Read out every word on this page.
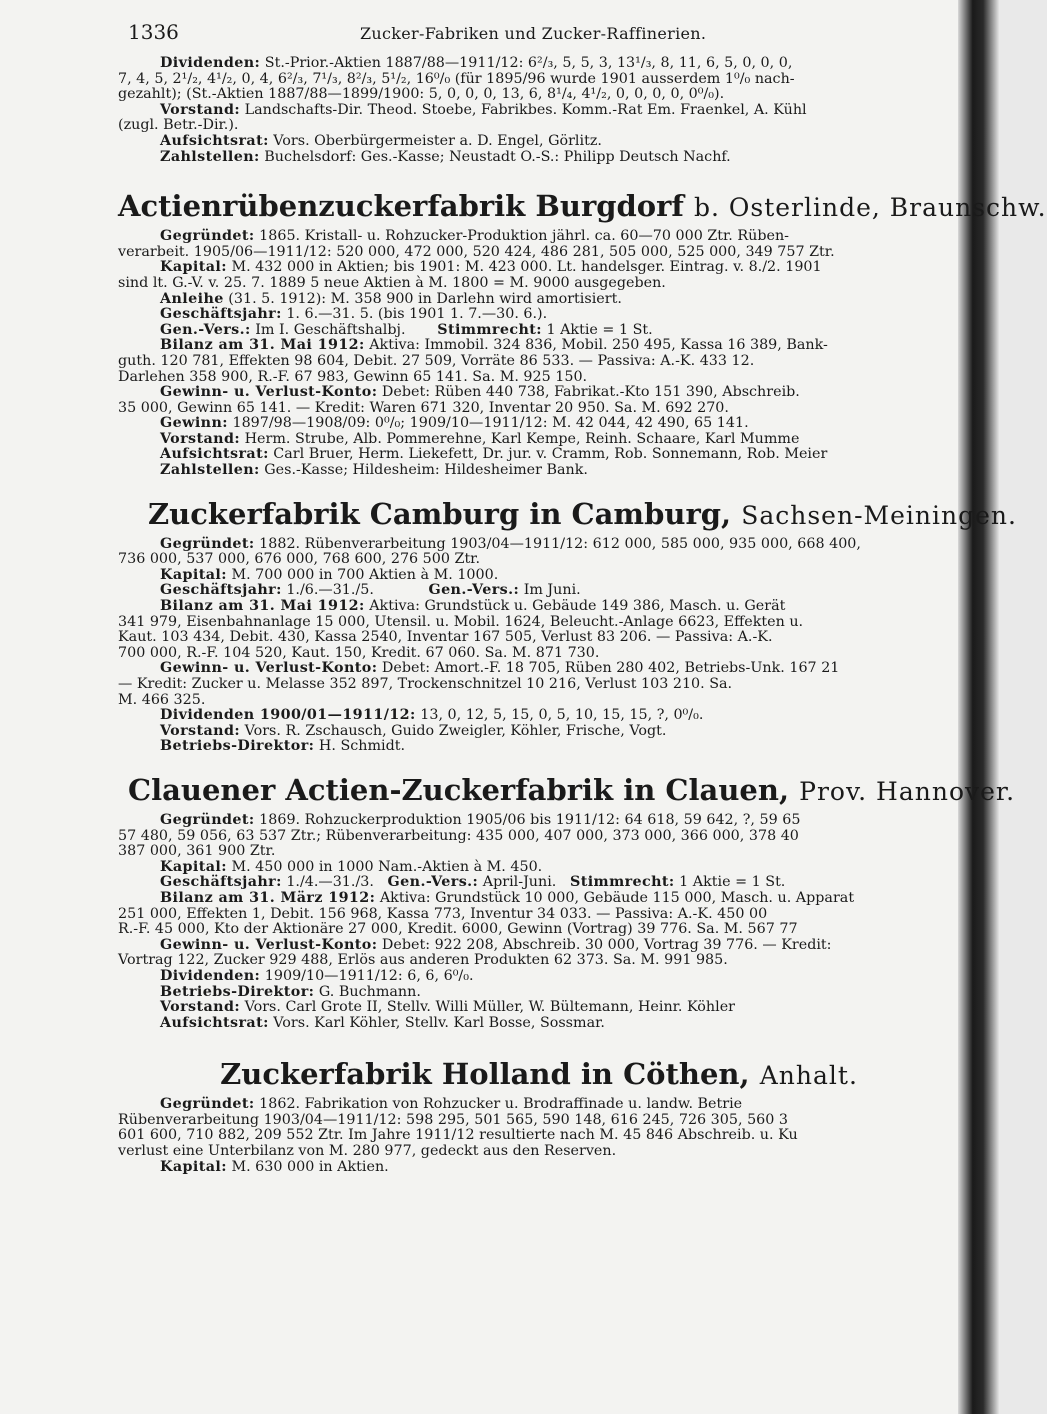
1336	Zucker-Fabriken und Zucker-Raffinerien.

Dividenden: St.-Prior.-Aktien 1887/88—1911/12: 6²/₃, 5, 5, 3, 13¹/₃, 8, 11, 6, 5, 0, 0, 0,

7, 4, 5, 2¹/₂, 4¹/₂, 0, 4, 6²/₃, 7¹/₃, 8²/₃, 5¹/₂, 16⁰/₀ (für 1895/96 wurde 1901 ausserdem 1⁰/₀ nach-

gezahlt); (St.-Aktien 1887/88—1899/1900: 5, 0, 0, 0, 13, 6, 8¹/₄, 4¹/₂, 0, 0, 0, 0, 0⁰/₀).

Vorstand: Landschafts-Dir. Theod. Stoebe, Fabrikbes. Komm.-Rat Em. Fraenkel, A. Kühl

(zugl. Betr.-Dir.).

Aufsichtsrat: Vors. Oberbürgermeister a. D. Engel, Görlitz.

Zahlstellen: Buchelsdorf: Ges.-Kasse; Neustadt O.-S.: Philipp Deutsch Nachf.

Actienrübenzuckerfabrik Burgdorf b. Osterlinde, Braunschw.

Gegründet: 1865. Kristall- u. Rohzucker-Produktion jährl. ca. 60—70 000 Ztr. Rüben-

verarbeit. 1905/06—1911/12: 520 000, 472 000, 520 424, 486 281, 505 000, 525 000, 349 757 Ztr.

Kapital: M. 432 000 in Aktien; bis 1901: M. 423 000. Lt. handelsger. Eintrag. v. 8./2. 1901

sind lt. G.-V. v. 25. 7. 1889 5 neue Aktien à M. 1800 = M. 9000 ausgegeben.

Anleihe (31. 5. 1912): M. 358 900 in Darlehn wird amortisiert.

Geschäftsjahr: 1. 6.—31. 5. (bis 1901 1. 7.—30. 6.).

Gen.-Vers.: Im I. Geschäftshalbj. Stimmrecht: 1 Aktie = 1 St.

Bilanz am 31. Mai 1912: Aktiva: Immobil. 324 836, Mobil. 250 495, Kassa 16 389, Bank-

guth. 120 781, Effekten 98 604, Debit. 27 509, Vorräte 86 533. — Passiva: A.-K. 433 12.

Darlehen 358 900, R.-F. 67 983, Gewinn 65 141. Sa. M. 925 150.

Gewinn- u. Verlust-Konto: Debet: Rüben 440 738, Fabrikat.-Kto 151 390, Abschreib.

35 000, Gewinn 65 141. — Kredit: Waren 671 320, Inventar 20 950. Sa. M. 692 270.

Gewinn: 1897/98—1908/09: 0⁰/₀; 1909/10—1911/12: M. 42 044, 42 490, 65 141.

Vorstand: Herm. Strube, Alb. Pommerehne, Karl Kempe, Reinh. Schaare, Karl Mumme

Aufsichtsrat: Carl Bruer, Herm. Liekefett, Dr. jur. v. Cramm, Rob. Sonnemann, Rob. Meier

Zahlstellen: Ges.-Kasse; Hildesheim: Hildesheimer Bank.

Zuckerfabrik Camburg in Camburg, Sachsen-Meiningen.

Gegründet: 1882. Rübenverarbeitung 1903/04—1911/12: 612 000, 585 000, 935 000, 668 400,

736 000, 537 000, 676 000, 768 600, 276 500 Ztr.

Kapital: M. 700 000 in 700 Aktien à M. 1000.

Geschäftsjahr: 1./6.—31./5.	Gen.-Vers.: Im Juni.

Bilanz am 31. Mai 1912: Aktiva: Grundstück u. Gebäude 149 386, Masch. u. Gerät

341 979, Eisenbahnanlage 15 000, Utensil. u. Mobil. 1624, Beleucht.-Anlage 6623, Effekten u.

Kaut. 103 434, Debit. 430, Kassa 2540, Inventar 167 505, Verlust 83 206. — Passiva: A.-K.

700 000, R.-F. 104 520, Kaut. 150, Kredit. 67 060. Sa. M. 871 730.

Gewinn- u. Verlust-Konto: Debet: Amort.-F. 18 705, Rüben 280 402, Betriebs-Unk. 167 21

— Kredit: Zucker u. Melasse 352 897, Trockenschnitzel 10 216, Verlust 103 210. Sa.

M. 466 325.

Dividenden 1900/01—1911/12: 13, 0, 12, 5, 15, 0, 5, 10, 15, 15, ?, 0⁰/₀.

Vorstand: Vors. R. Zschausch, Guido Zweigler, Köhler, Frische, Vogt.

Betriebs-Direktor: H. Schmidt.

Clauener Actien-Zuckerfabrik in Clauen, Prov. Hannover.

Gegründet: 1869. Rohzuckerproduktion 1905/06 bis 1911/12: 64 618, 59 642, ?, 59 65

57 480, 59 056, 63 537 Ztr.; Rübenverarbeitung: 435 000, 407 000, 373 000, 366 000, 378 40

387 000, 361 900 Ztr.

Kapital: M. 450 000 in 1000 Nam.-Aktien à M. 450.

Geschäftsjahr: 1./4.—31./3. Gen.-Vers.: April-Juni. Stimmrecht: 1 Aktie = 1 St.

Bilanz am 31. März 1912: Aktiva: Grundstück 10 000, Gebäude 115 000, Masch. u. Apparat

251 000, Effekten 1, Debit. 156 968, Kassa 773, Inventur 34 033. — Passiva: A.-K. 450 00

R.-F. 45 000, Kto der Aktionäre 27 000, Kredit. 6000, Gewinn (Vortrag) 39 776. Sa. M. 567 77

Gewinn- u. Verlust-Konto: Debet: 922 208, Abschreib. 30 000, Vortrag 39 776. — Kredit:

Vortrag 122, Zucker 929 488, Erlös aus anderen Produkten 62 373. Sa. M. 991 985.

Dividenden: 1909/10—1911/12: 6, 6, 6⁰/₀.

Betriebs-Direktor: G. Buchmann.

Vorstand: Vors. Carl Grote II, Stellv. Willi Müller, W. Bültemann, Heinr. Köhler

Aufsichtsrat: Vors. Karl Köhler, Stellv. Karl Bosse, Sossmar.

Zuckerfabrik Holland in Cöthen, Anhalt.

Gegründet: 1862. Fabrikation von Rohzucker u. Brodraffinade u. landw. Betrie

Rübenverarbeitung 1903/04—1911/12: 598 295, 501 565, 590 148, 616 245, 726 305, 560 3

601 600, 710 882, 209 552 Ztr. Im Jahre 1911/12 resultierte nach M. 45 846 Abschreib. u. Ku

verlust eine Unterbilanz von M. 280 977, gedeckt aus den Reserven.

Kapital: M. 630 000 in Aktien.
